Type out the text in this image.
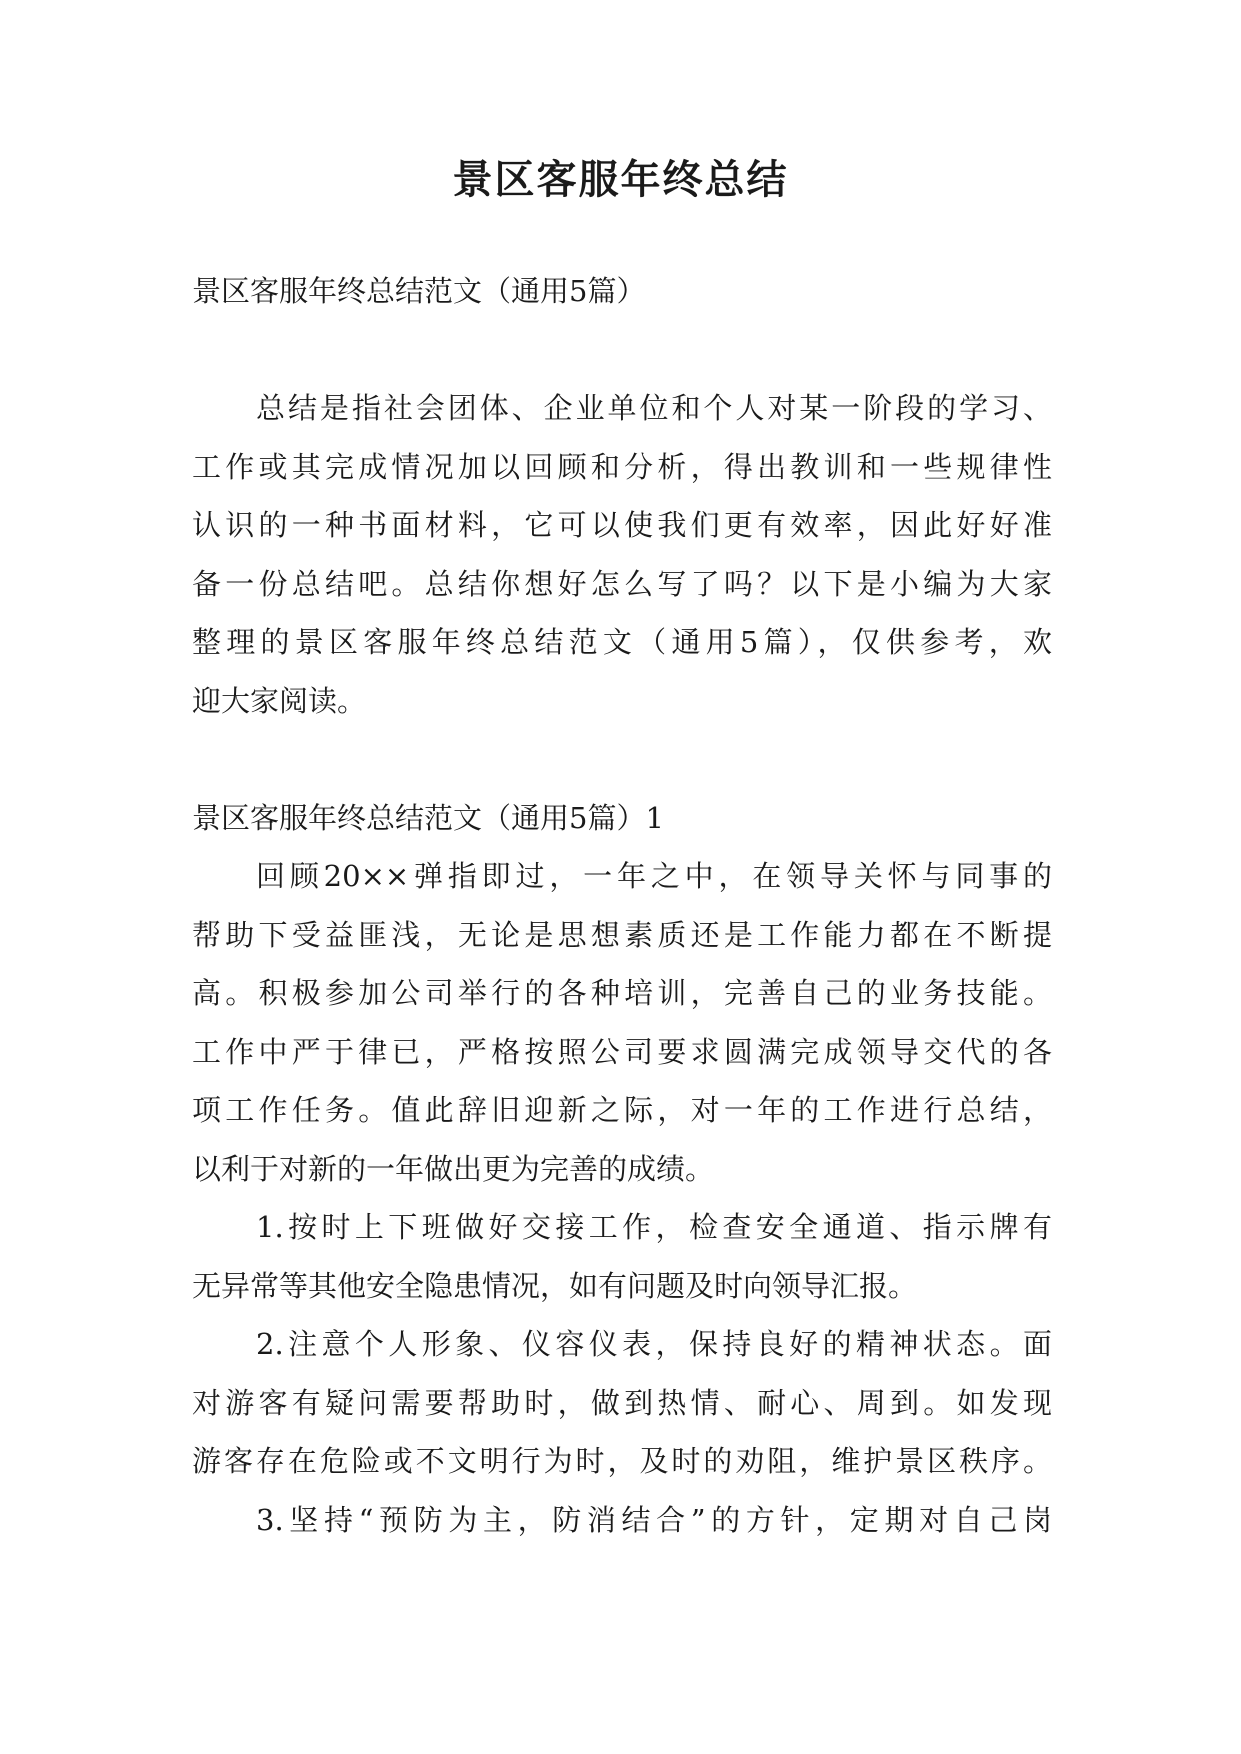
景区客服年终总结
景区客服年终总结范文（通用5篇）
总结是指社会团体、企业单位和个人对某一阶段的学习、
工作或其完成情况加以回顾和分析，得出教训和一些规律性
认识的一种书面材料，它可以使我们更有效率，因此好好准
备一份总结吧。总结你想好怎么写了吗？以下是小编为大家
整理的景区客服年终总结范文（通用5篇），仅供参考，欢
迎大家阅读。
景区客服年终总结范文（通用5篇）1
回顾20××弹指即过，一年之中，在领导关怀与同事的
帮助下受益匪浅，无论是思想素质还是工作能力都在不断提
高。积极参加公司举行的各种培训，完善自己的业务技能。
工作中严于律已，严格按照公司要求圆满完成领导交代的各
项工作任务。值此辞旧迎新之际，对一年的工作进行总结，
以利于对新的一年做出更为完善的成绩。
1.按时上下班做好交接工作，检查安全通道、指示牌有
无异常等其他安全隐患情况，如有问题及时向领导汇报。
2.注意个人形象、仪容仪表，保持良好的精神状态。面
对游客有疑问需要帮助时，做到热情、耐心、周到。如发现
游客存在危险或不文明行为时，及时的劝阻，维护景区秩序。
3.坚持“预防为主，防消结合”的方针，定期对自己岗
